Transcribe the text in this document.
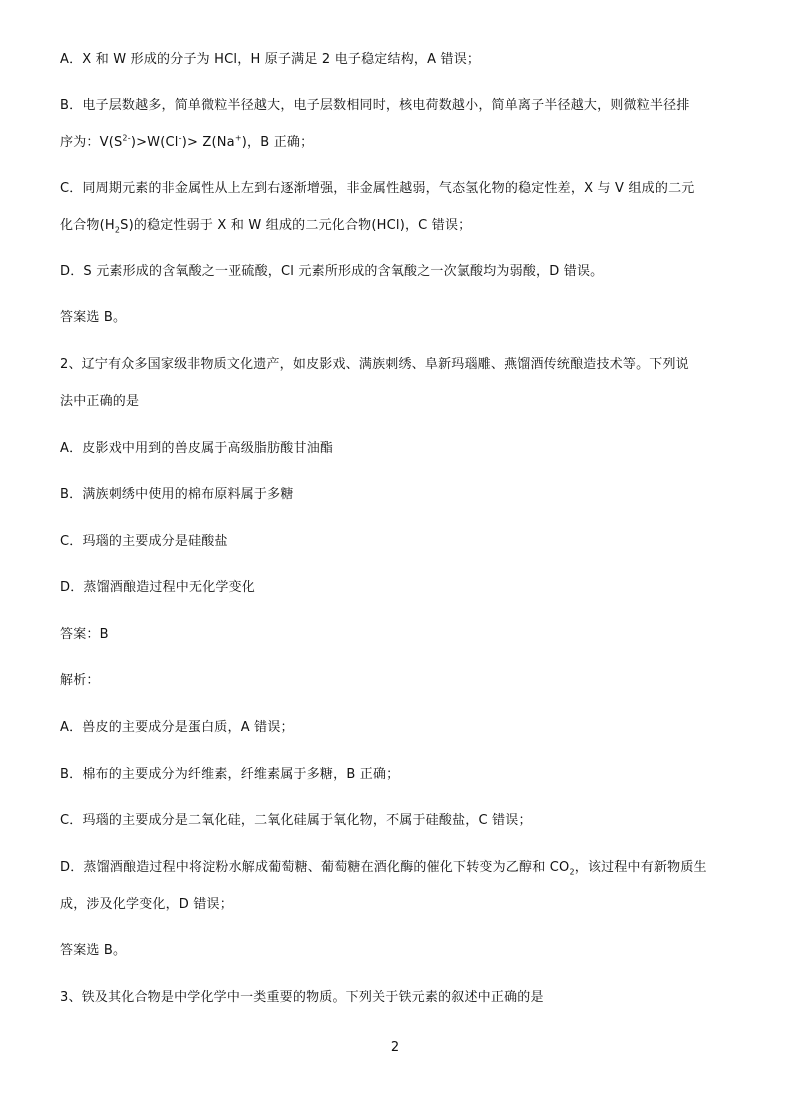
A．X 和 W 形成的分子为 HCl，H 原子满足 2 电子稳定结构，A 错误；
B．电子层数越多，简单微粒半径越大，电子层数相同时，核电荷数越小，简单离子半径越大，则微粒半径排
序为：$V(S^{2-})>W(Cl^-)> Z(Na^+)$，B 正确；
C．同周期元素的非金属性从上左到右逐渐增强，非金属性越弱，气态氢化物的稳定性差，X 与 V 组成的二元
化合物$(H_2S)$的稳定性弱于 X 和 W 组成的二元化合物(HCl)，C 错误；
D．S 元素形成的含氧酸之一亚硫酸，Cl 元素所形成的含氧酸之一次氯酸均为弱酸，D 错误。
答案选 B。
2、辽宁有众多国家级非物质文化遗产，如皮影戏、满族刺绣、阜新玛瑙雕、燕馏酒传统酿造技术等。下列说
法中正确的是
A．皮影戏中用到的兽皮属于高级脂肪酸甘油酯
B．满族刺绣中使用的棉布原料属于多糖
C．玛瑙的主要成分是硅酸盐
D．蒸馏酒酿造过程中无化学变化
答案：B
解析：
A．兽皮的主要成分是蛋白质，A 错误；
B．棉布的主要成分为纤维素，纤维素属于多糖，B 正确；
C．玛瑙的主要成分是二氧化硅，二氧化硅属于氧化物，不属于硅酸盐，C 错误；
D．蒸馏酒酿造过程中将淀粉水解成葡萄糖、葡萄糖在酒化酶的催化下转变为乙醇和 $CO_2$，该过程中有新物质生
成，涉及化学变化，D 错误；
答案选 B。
3、铁及其化合物是中学化学中一类重要的物质。下列关于铁元素的叙述中正确的是
2
